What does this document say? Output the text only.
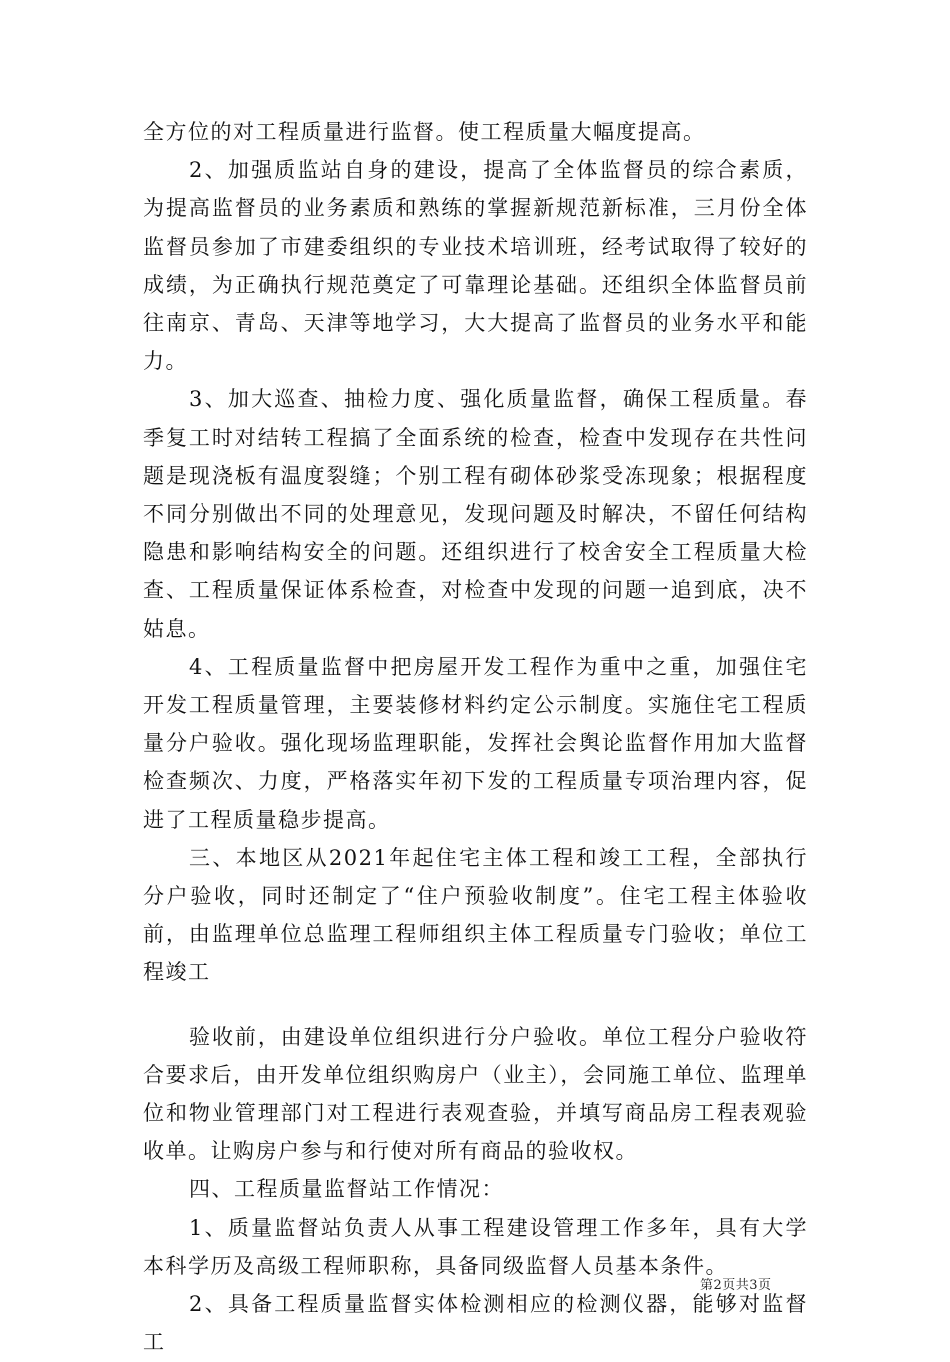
全方位的对工程质量进行监督。使工程质量大幅度提高。

2、加强质监站自身的建设，提高了全体监督员的综合素质，为提高监督员的业务素质和熟练的掌握新规范新标准，三月份全体监督员参加了市建委组织的专业技术培训班，经考试取得了较好的成绩，为正确执行规范奠定了可靠理论基础。还组织全体监督员前往南京、青岛、天津等地学习，大大提高了监督员的业务水平和能力。

3、加大巡查、抽检力度、强化质量监督，确保工程质量。春季复工时对结转工程搞了全面系统的检查，检查中发现存在共性问题是现浇板有温度裂缝；个别工程有砌体砂浆受冻现象；根据程度不同分别做出不同的处理意见，发现问题及时解决，不留任何结构隐患和影响结构安全的问题。还组织进行了校舍安全工程质量大检查、工程质量保证体系检查，对检查中发现的问题一追到底，决不姑息。

4、工程质量监督中把房屋开发工程作为重中之重，加强住宅开发工程质量管理，主要装修材料约定公示制度。实施住宅工程质量分户验收。强化现场监理职能，发挥社会舆论监督作用加大监督检查频次、力度，严格落实年初下发的工程质量专项治理内容，促进了工程质量稳步提高。

三、本地区从2021年起住宅主体工程和竣工工程，全部执行分户验收，同时还制定了“住户预验收制度”。住宅工程主体验收前，由监理单位总监理工程师组织主体工程质量专门验收；单位工程竣工

验收前，由建设单位组织进行分户验收。单位工程分户验收符合要求后，由开发单位组织购房户（业主），会同施工单位、监理单位和物业管理部门对工程进行表观查验，并填写商品房工程表观验收单。让购房户参与和行使对所有商品的验收权。

四、工程质量监督站工作情况：

1、质量监督站负责人从事工程建设管理工作多年，具有大学本科学历及高级工程师职称，具备同级监督人员基本条件。

2、具备工程质量监督实体检测相应的检测仪器，能够对监督工

第2页共3页
